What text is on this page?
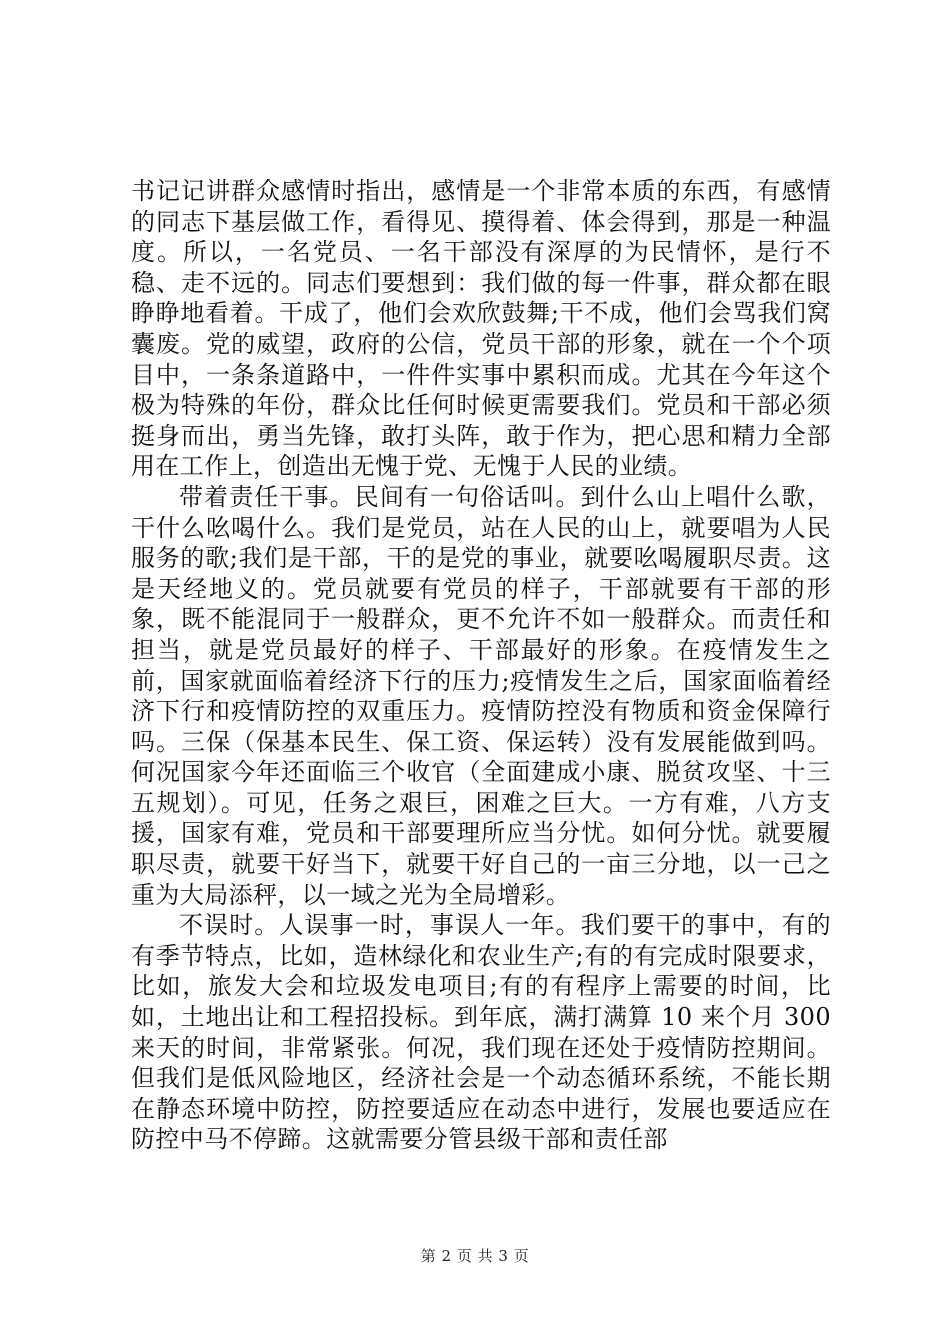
书记记讲群众感情时指出，感情是一个非常本质的东西，有感情的同志下基层做工作，看得见、摸得着、体会得到，那是一种温度。所以，一名党员、一名干部没有深厚的为民情怀，是行不稳、走不远的。同志们要想到：我们做的每一件事，群众都在眼睁睁地看着。干成了，他们会欢欣鼓舞;干不成，他们会骂我们窝囊废。党的威望，政府的公信，党员干部的形象，就在一个个项目中，一条条道路中，一件件实事中累积而成。尤其在今年这个极为特殊的年份，群众比任何时候更需要我们。党员和干部必须挺身而出，勇当先锋，敢打头阵，敢于作为，把心思和精力全部用在工作上，创造出无愧于党、无愧于人民的业绩。

带着责任干事。民间有一句俗话叫。到什么山上唱什么歌，干什么吆喝什么。我们是党员，站在人民的山上，就要唱为人民服务的歌;我们是干部，干的是党的事业，就要吆喝履职尽责。这是天经地义的。党员就要有党员的样子，干部就要有干部的形象，既不能混同于一般群众，更不允许不如一般群众。而责任和担当，就是党员最好的样子、干部最好的形象。在疫情发生之前，国家就面临着经济下行的压力;疫情发生之后，国家面临着经济下行和疫情防控的双重压力。疫情防控没有物质和资金保障行吗。三保（保基本民生、保工资、保运转）没有发展能做到吗。何况国家今年还面临三个收官（全面建成小康、脱贫攻坚、十三五规划）。可见，任务之艰巨，困难之巨大。一方有难，八方支援，国家有难，党员和干部要理所应当分忧。如何分忧。就要履职尽责，就要干好当下，就要干好自己的一亩三分地，以一己之重为大局添秤，以一域之光为全局增彩。

不误时。人误事一时，事误人一年。我们要干的事中，有的有季节特点，比如，造林绿化和农业生产;有的有完成时限要求，比如，旅发大会和垃圾发电项目;有的有程序上需要的时间，比如，土地出让和工程招投标。到年底，满打满算 10 来个月 300 来天的时间，非常紧张。何况，我们现在还处于疫情防控期间。但我们是低风险地区，经济社会是一个动态循环系统，不能长期在静态环境中防控，防控要适应在动态中进行，发展也要适应在防控中马不停蹄。这就需要分管县级干部和责任部

第 2 页 共 3 页
